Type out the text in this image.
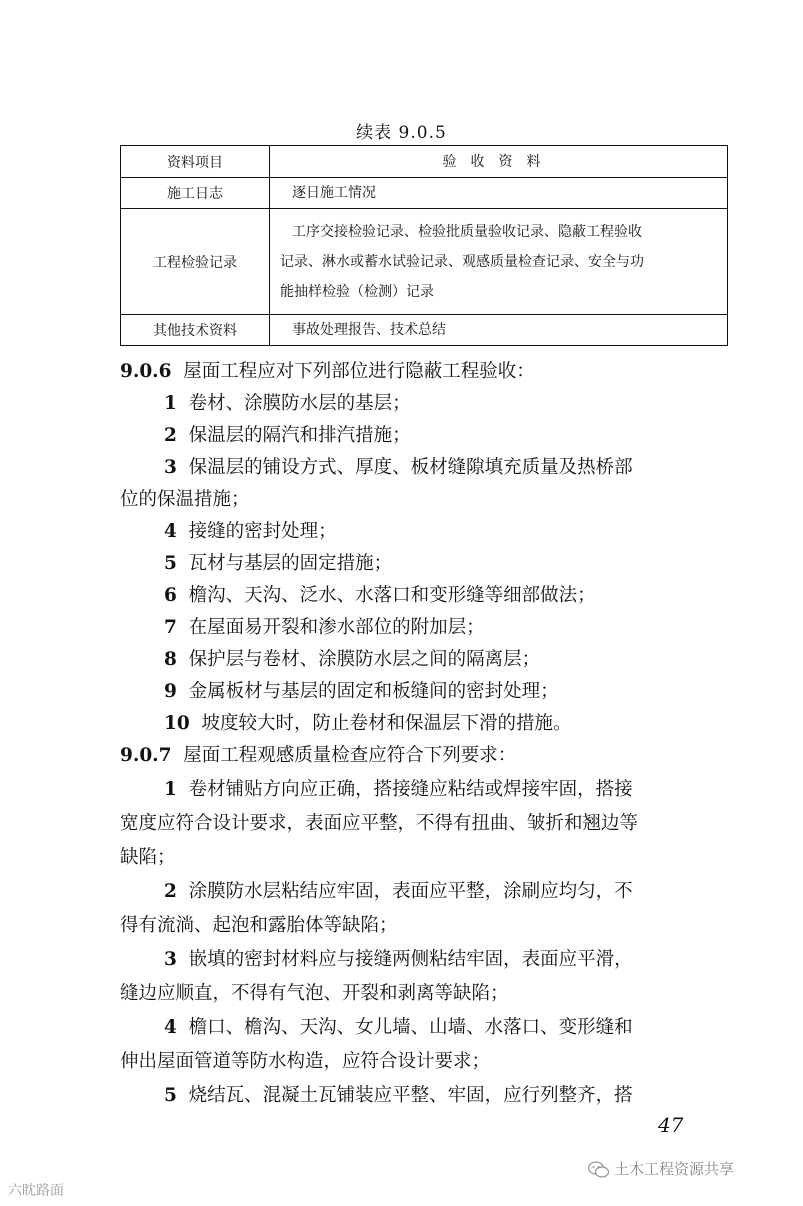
续表 9.0.5
资料项目	验收资料
施工日志	逐日施工情况

工程检验记录	工序交接检验记录、检验批质量验收记录、隐蔽工程验收
记录、淋水或蓄水试验记录、观感质量检查记录、安全与功
能抽样检验（检测）记录

其他技术资料	事故处理报告、技术总结
9.0.6 屋面工程应对下列部位进行隐蔽工程验收：
1 卷材、涂膜防水层的基层；
2 保温层的隔汽和排汽措施；
3 保温层的铺设方式、厚度、板材缝隙填充质量及热桥部
位的保温措施；
4 接缝的密封处理；
5 瓦材与基层的固定措施；
6 檐沟、天沟、泛水、水落口和变形缝等细部做法；
7 在屋面易开裂和渗水部位的附加层；
8 保护层与卷材、涂膜防水层之间的隔离层；
9 金属板材与基层的固定和板缝间的密封处理；
10 坡度较大时，防止卷材和保温层下滑的措施。
9.0.7 屋面工程观感质量检查应符合下列要求：
1 卷材铺贴方向应正确，搭接缝应粘结或焊接牢固，搭接
宽度应符合设计要求，表面应平整，不得有扭曲、皱折和翘边等
缺陷；
2 涂膜防水层粘结应牢固，表面应平整，涂刷应均匀，不
得有流淌、起泡和露胎体等缺陷；
3 嵌填的密封材料应与接缝两侧粘结牢固，表面应平滑，
缝边应顺直，不得有气泡、开裂和剥离等缺陷；
4 檐口、檐沟、天沟、女儿墙、山墙、水落口、变形缝和
伸出屋面管道等防水构造，应符合设计要求；
5 烧结瓦、混凝土瓦铺装应平整、牢固，应行列整齐，搭
47
六眈路面
土木工程资源共享
